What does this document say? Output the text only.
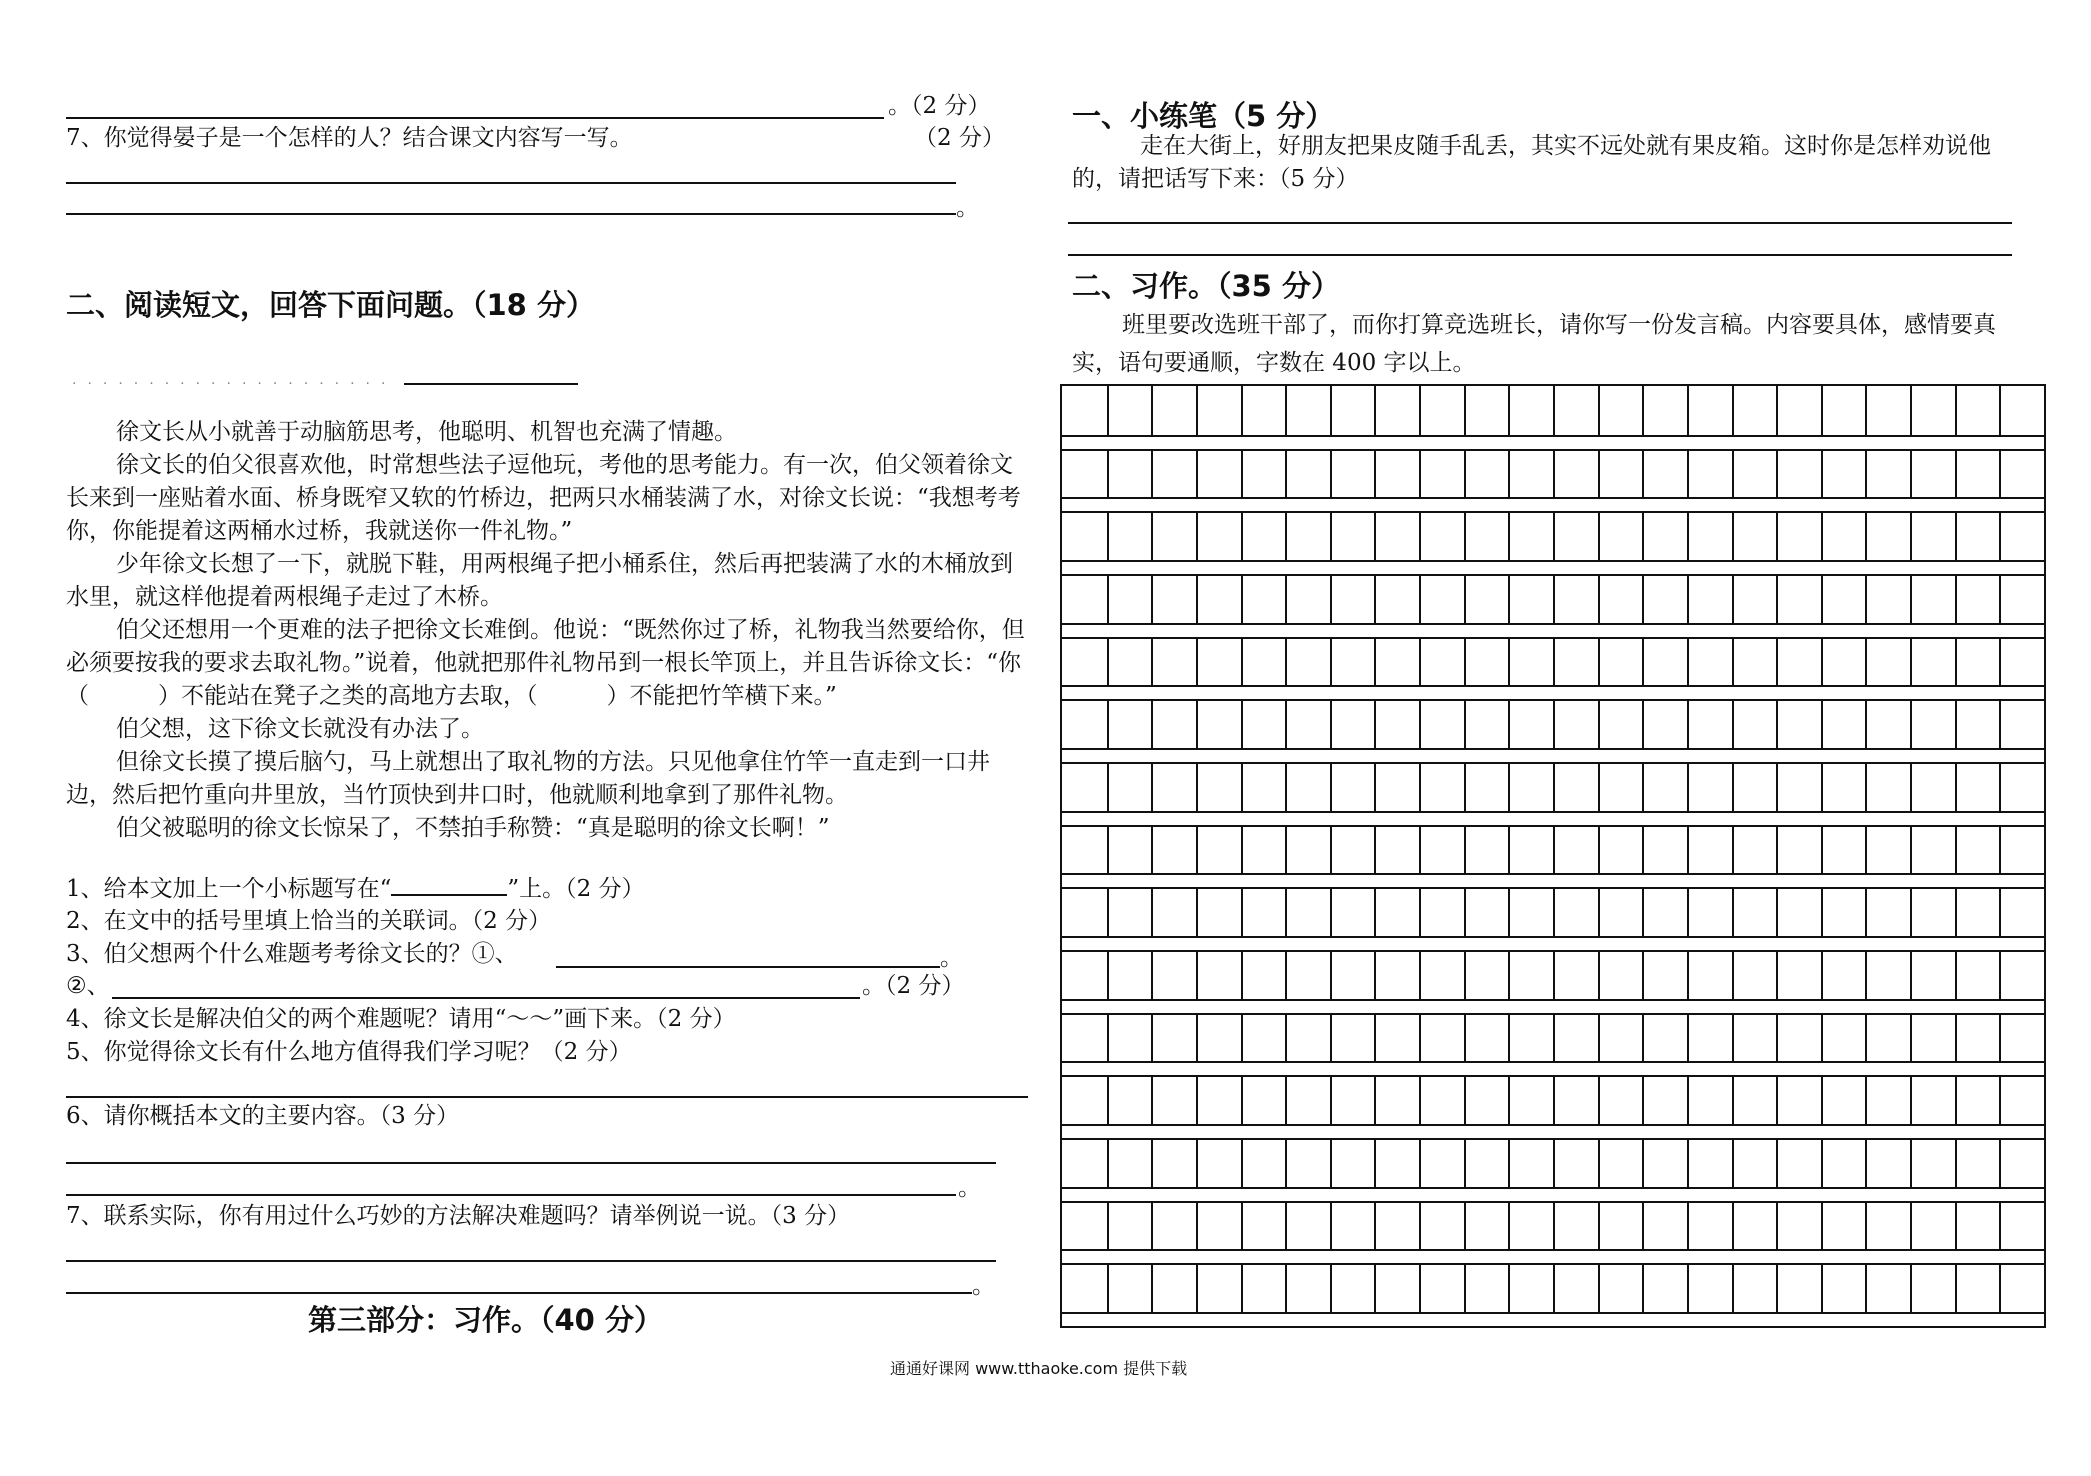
。（2 分）
7、你觉得晏子是一个怎样的人？结合课文内容写一写。	（2 分）
。
二、阅读短文，回答下面问题。（18 分）
.....................
徐文长从小就善于动脑筋思考，他聪明、机智也充满了情趣。
徐文长的伯父很喜欢他，时常想些法子逗他玩，考他的思考能力。有一次，伯父领着徐文长来到一座贴着水面、桥身既窄又软的竹桥边，把两只水桶装满了水，对徐文长说：“我想考考你，你能提着这两桶水过桥，我就送你一件礼物。”
少年徐文长想了一下，就脱下鞋，用两根绳子把小桶系住，然后再把装满了水的木桶放到水里，就这样他提着两根绳子走过了木桥。
伯父还想用一个更难的法子把徐文长难倒。他说：“既然你过了桥，礼物我当然要给你，但必须要按我的要求去取礼物。”说着，他就把那件礼物吊到一根长竿顶上，并且告诉徐文长：“你（　　　）不能站在凳子之类的高地方去取，（　　　）不能把竹竿横下来。”
伯父想，这下徐文长就没有办法了。
但徐文长摸了摸后脑勺，马上就想出了取礼物的方法。只见他拿住竹竿一直走到一口井边，然后把竹重向井里放，当竹顶快到井口时，他就顺利地拿到了那件礼物。
伯父被聪明的徐文长惊呆了，不禁拍手称赞：“真是聪明的徐文长啊！”
1、给本文加上一个小标题写在“	”上。（2 分）
2、在文中的括号里填上恰当的关联词。（2 分）
3、伯父想两个什么难题考考徐文长的？①、	。
②、	。（2 分）
4、徐文长是解决伯父的两个难题呢？请用“～～”画下来。（2 分）
5、你觉得徐文长有什么地方值得我们学习呢？（2 分）
6、请你概括本文的主要内容。（3 分）
。
7、联系实际，你有用过什么巧妙的方法解决难题吗？请举例说一说。（3 分）
。
第三部分：习作。（40 分）
一、小练笔（5 分）
走在大街上，好朋友把果皮随手乱丢，其实不远处就有果皮箱。这时你是怎样劝说他的，请把话写下来：（5 分）
二、习作。（35 分）
班里要改选班干部了，而你打算竞选班长，请你写一份发言稿。内容要具体，感情要真实，语句要通顺，字数在 400 字以上。
通通好课网 www.tthaoke.com 提供下载
